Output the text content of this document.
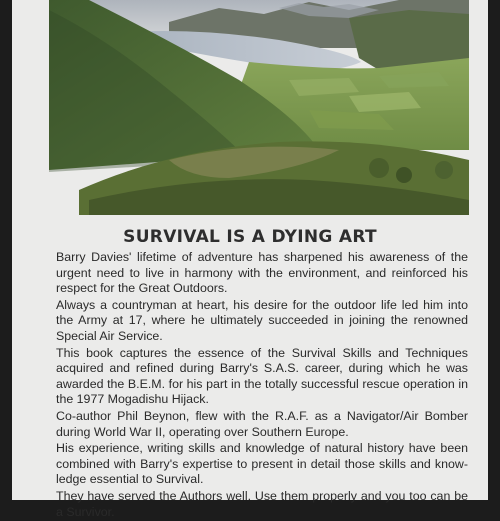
SURVIVAL IS A DYING ART

Barry Davies' lifetime of adventure has sharpened his awareness of the urgent need to live in harmony with the environment, and reinforced his respect for the Great Outdoors.

Always a countryman at heart, his desire for the outdoor life led him into the Army at 17, where he ultimately succeeded in joining the renowned Special Air Service.

This book captures the essence of the Survival Skills and Techniques acquired and refined during Barry's S.A.S. career, during which he was awarded the B.E.M. for his part in the totally successful rescue operation in the 1977 Mogadishu Hijack.

Co-author Phil Beynon, flew with the R.A.F. as a Navigator/Air Bomber during World War II, operating over Southern Europe.

His experience, writing skills and knowledge of natural history have been combined with Barry's expertise to present in detail those skills and knowledge essential to Survival.

They have served the Authors well. Use them properly and you too can be a Survivor.
